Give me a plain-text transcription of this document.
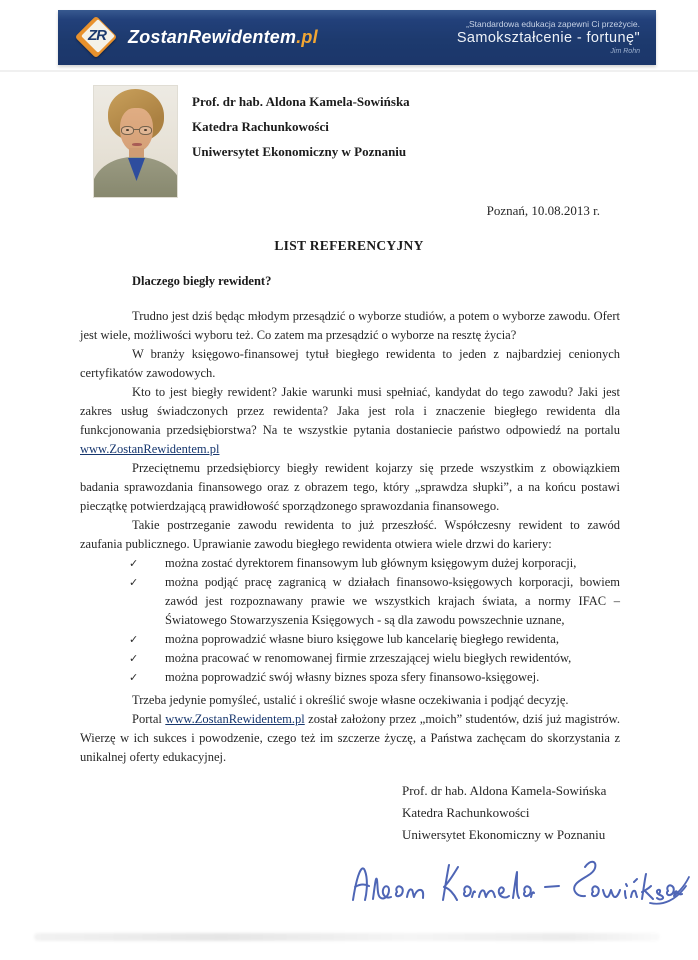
ZR	ZostanRewidentem.pl
„Standardowa edukacja zapewni Ci przeżycie.
Samokształcenie - fortunę"
Jim Rohn
Prof. dr hab. Aldona Kamela-Sowińska
Katedra Rachunkowości
Uniwersytet Ekonomiczny w Poznaniu
Poznań, 10.08.2013 r.
LIST REFERENCYJNY
Dlaczego biegły rewident?

Trudno jest dziś będąc młodym przesądzić o wyborze studiów, a potem o wyborze zawodu. Ofert jest wiele, możliwości wyboru też. Co zatem ma przesądzić o wyborze na resztę życia?

W branży księgowo-finansowej tytuł biegłego rewidenta to jeden z najbardziej cenionych certyfikatów zawodowych.

Kto to jest biegły rewident? Jakie warunki musi spełniać, kandydat do tego zawodu? Jaki jest zakres usług świadczonych przez rewidenta? Jaka jest rola i znaczenie biegłego rewidenta dla funkcjonowania przedsiębiorstwa? Na te wszystkie pytania dostaniecie państwo odpowiedź na portalu www.ZostanRewidentem.pl

Przeciętnemu przedsiębiorcy biegły rewident kojarzy się przede wszystkim z obowiązkiem badania sprawozdania finansowego oraz z obrazem tego, który „sprawdza słupki”, a na końcu postawi pieczątkę potwierdzającą prawidłowość sporządzonego sprawozdania finansowego.

Takie postrzeganie zawodu rewidenta to już przeszłość. Współczesny rewident to zawód zaufania publicznego. Uprawianie zawodu biegłego rewidenta otwiera wiele drzwi do kariery:

✓	można zostać dyrektorem finansowym lub głównym księgowym dużej korporacji,
✓	można podjąć pracę zagranicą w działach finansowo-księgowych korporacji, bowiem zawód jest rozpoznawany prawie we wszystkich krajach świata, a normy IFAC – Światowego Stowarzyszenia Księgowych - są dla zawodu powszechnie uznane,
✓	można poprowadzić własne biuro księgowe lub kancelarię biegłego rewidenta,
✓	można pracować w renomowanej firmie zrzeszającej wielu biegłych rewidentów,
✓	można poprowadzić swój własny biznes spoza sfery finansowo-księgowej.

Trzeba jedynie pomyśleć, ustalić i określić swoje własne oczekiwania i podjąć decyzję.

Portal www.ZostanRewidentem.pl został założony przez „moich” studentów, dziś już magistrów. Wierzę w ich sukces i powodzenie, czego też im szczerze życzę, a Państwa zachęcam do skorzystania z unikalnej oferty edukacyjnej.

Prof. dr hab. Aldona Kamela-Sowińska
Katedra Rachunkowości
Uniwersytet Ekonomiczny w Poznaniu
